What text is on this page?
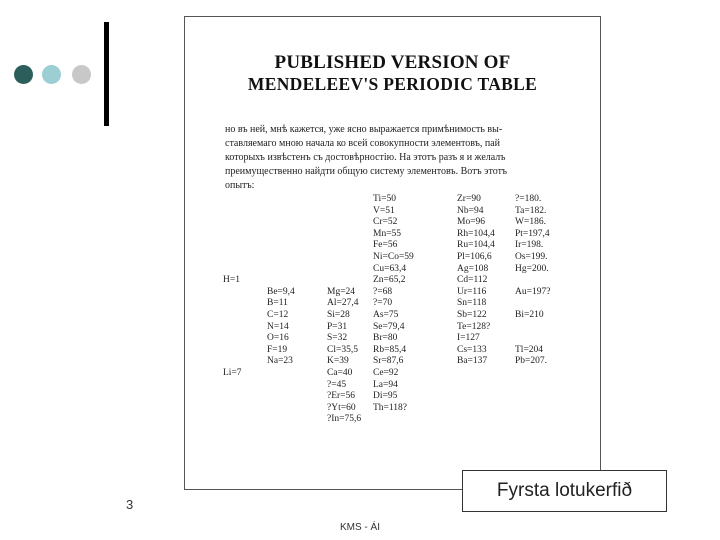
PUBLISHED VERSION OF
MENDELEEV'S PERIODIC TABLE
но въ ней, мнѣ кажется, уже ясно выражается примѣнимость вы-
ставляемаго мною начала ко всей совокупности элементовъ, пай
которыхъ извѣстенъ съ достовѣрностію. На этотъ разъ я и желалъ
преимущественно найдти общую систему элементовъ. Вотъ этотъ
опытъ:
H=1
Li=7
Be=9,4
B=11
C=12
N=14
O=16
F=19
Na=23
Mg=24
Al=27,4
Si=28
P=31
S=32
Cl=35,5
K=39
Ca=40
?=45
?Er=56
?Yt=60
?In=75,6
Ti=50
V=51
Cr=52
Mn=55
Fe=56
Ni=Co=59
Cu=63,4
Zn=65,2
?=68
?=70
As=75
Se=79,4
Br=80
Rb=85,4
Sr=87,6
Ce=92
La=94
Di=95
Th=118?
Zr=90
Nb=94
Mo=96
Rh=104,4
Ru=104,4
Pl=106,6
Ag=108
Cd=112
Ur=116
Sn=118
Sb=122
Te=128?
I=127
Cs=133
Ba=137
?=180.
Ta=182.
W=186.
Pt=197,4
Ir=198.
Os=199.
Hg=200.
Au=197?
Bi=210
Tl=204
Pb=207.
3
Fyrsta lotukerfið
KMS - ÁI
